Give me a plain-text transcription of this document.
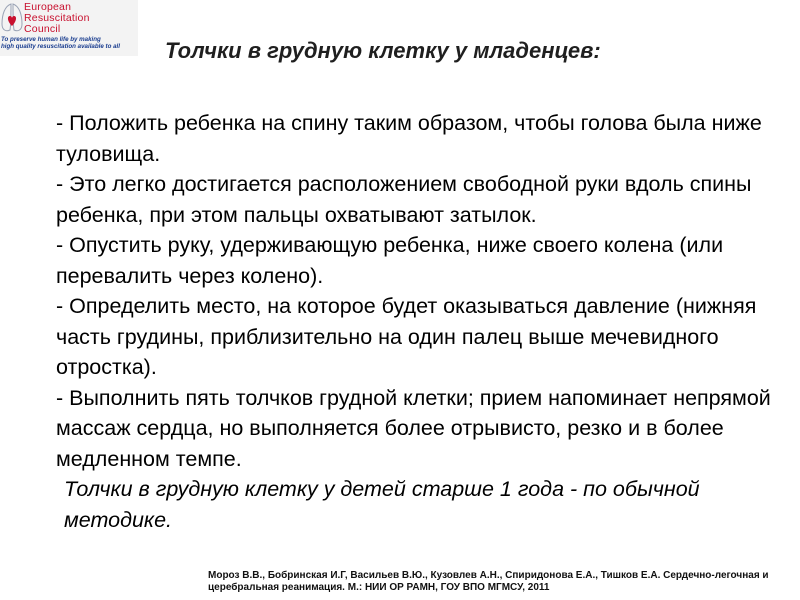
European
Resuscitation
Council
To preserve human life by making
high quality resuscitation available to all Толчки в грудную клетку у младенцев:

- Положить ребенка на спину таким образом, чтобы голова была ниже туловища.

- Это легко достигается расположением свободной руки вдоль спины ребенка, при этом пальцы охватывают затылок.

- Опустить руку, удерживающую ребенка, ниже своего колена (или перевалить через колено).

- Определить место, на которое будет оказываться давление (нижняя часть грудины, приблизительно на один палец выше мечевидного отростка).

- Выполнить пять толчков грудной клетки; прием напоминает непрямой массаж сердца, но выполняется более отрывисто, резко и в более медленном темпе.

Толчки в грудную клетку у детей старше 1 года - по обычной методике.

Мороз В.В., Бобринская И.Г, Васильев В.Ю., Кузовлев А.Н., Спиридонова Е.А., Тишков Е.А. Сердечно-легочная и церебральная реанимация. М.: НИИ ОР РАМН, ГОУ ВПО МГМСУ, 2011
